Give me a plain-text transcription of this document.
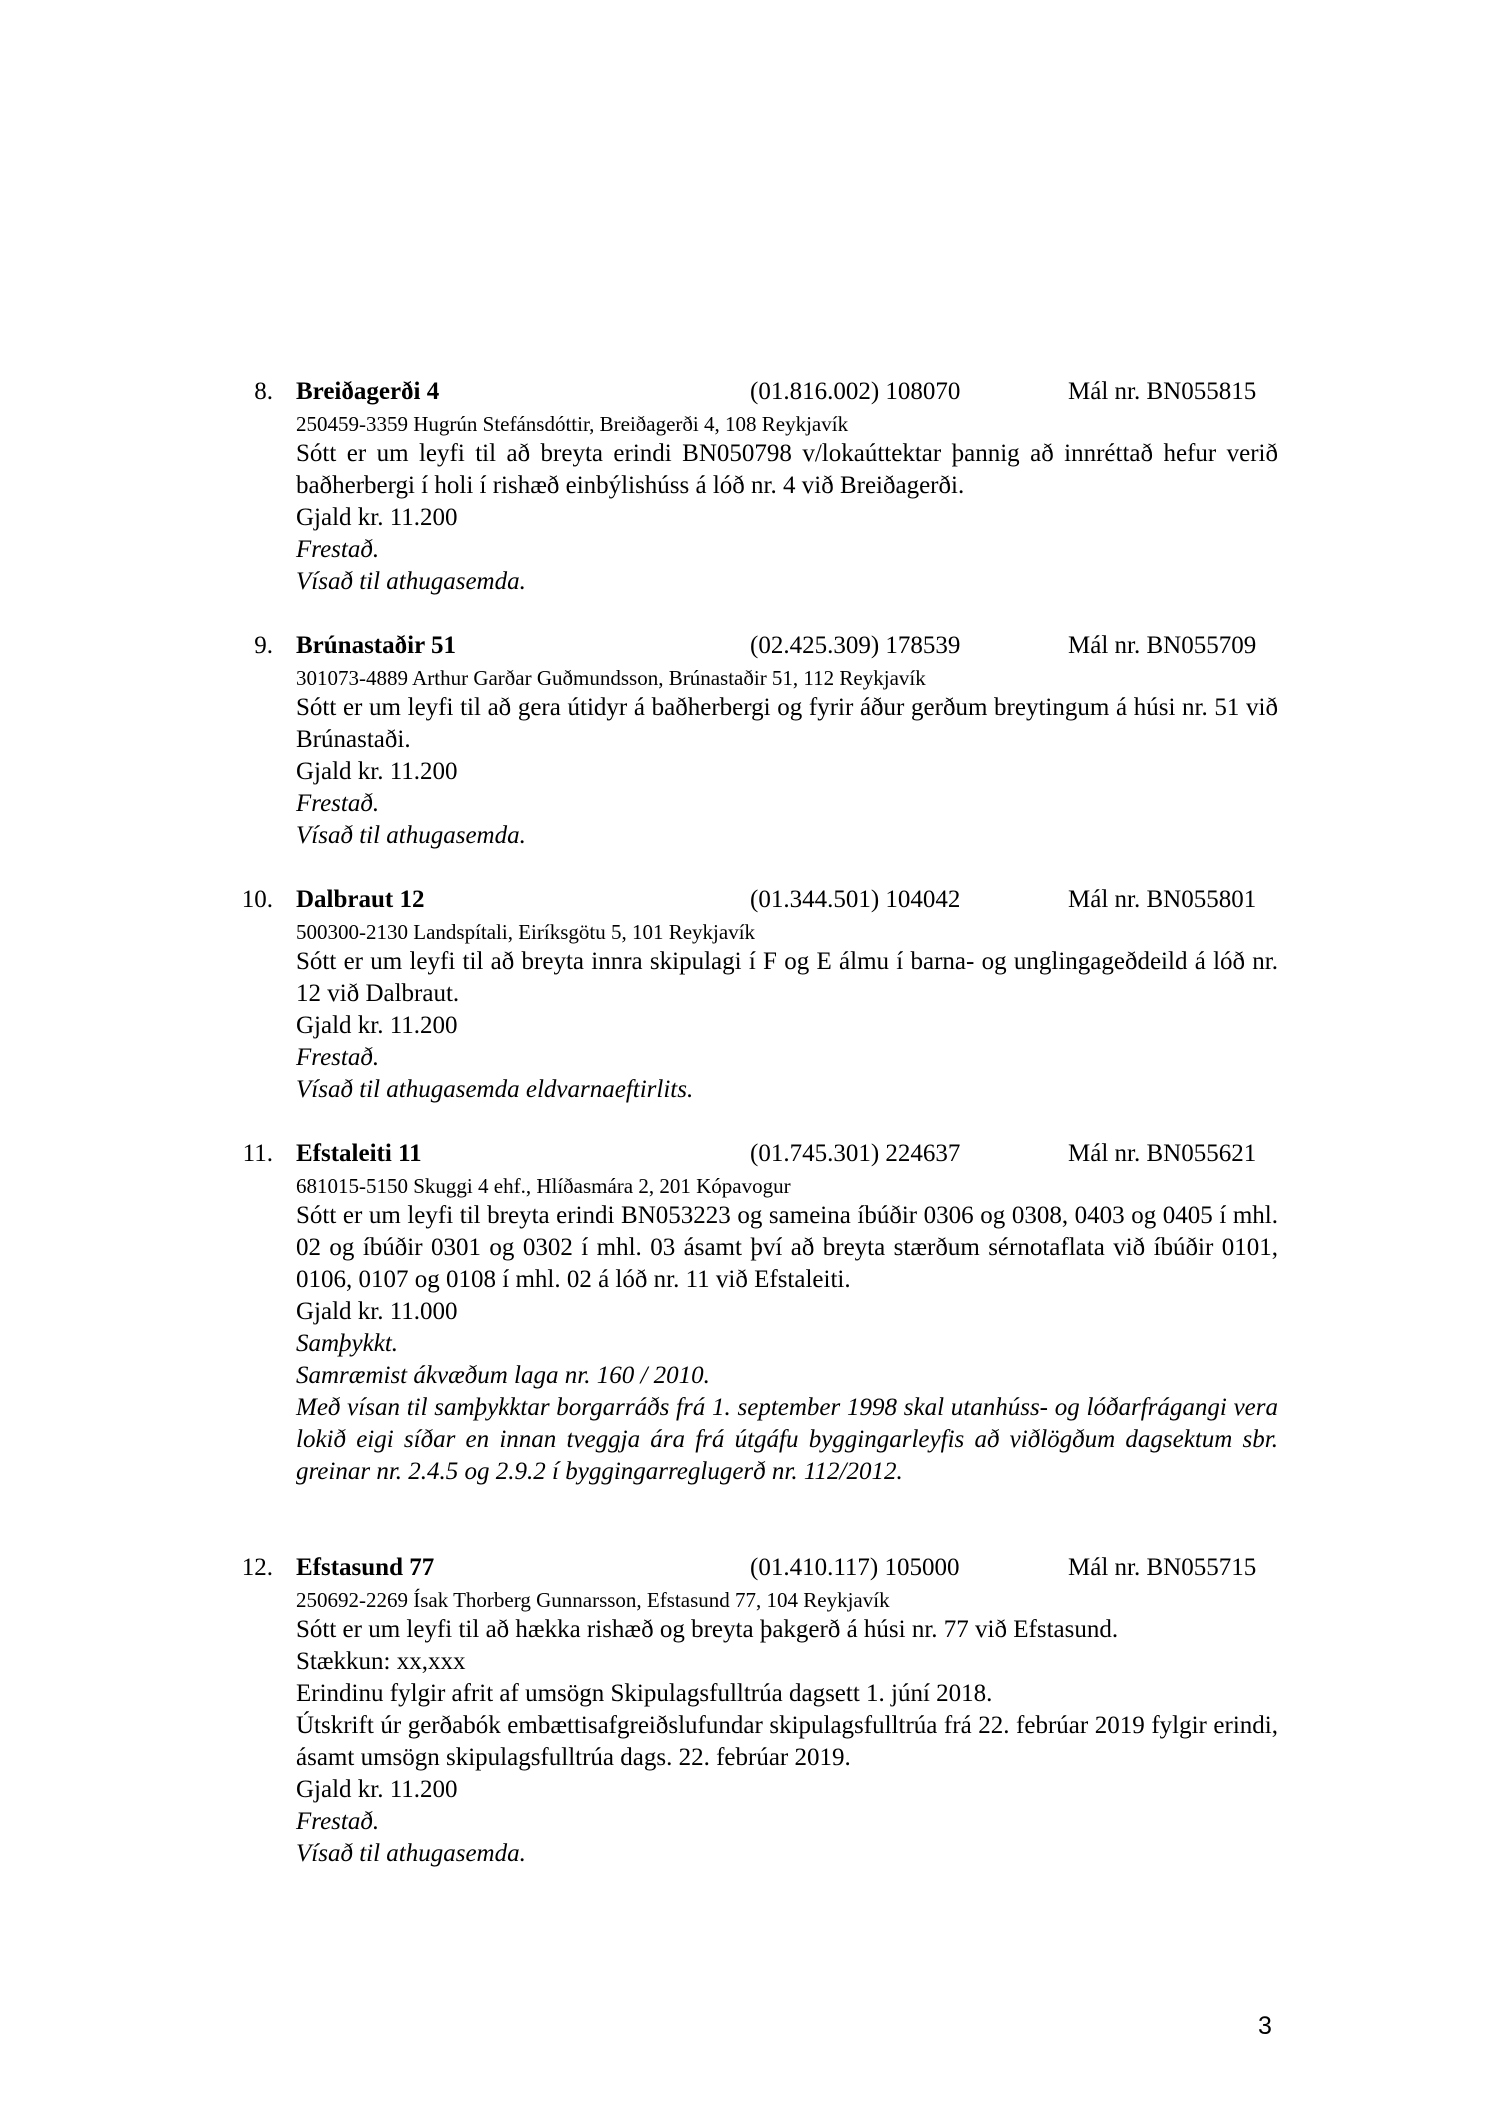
8. Breiðagerði 4	(01.816.002) 108070	Mál nr. BN055815
250459-3359 Hugrún Stefánsdóttir, Breiðagerði 4, 108 Reykjavík
Sótt er um leyfi til að breyta erindi BN050798 v/lokaúttektar þannig að innréttað hefur verið baðherbergi í holi í rishæð einbýlishúss á lóð nr. 4 við Breiðagerði.
Gjald kr. 11.200
Frestað.
Vísað til athugasemda.
9. Brúnastaðir 51	(02.425.309) 178539	Mál nr. BN055709
301073-4889 Arthur Garðar Guðmundsson, Brúnastaðir 51, 112 Reykjavík
Sótt er um leyfi til að gera útidyr á baðherbergi og fyrir áður gerðum breytingum á húsi nr. 51 við Brúnastaði.
Gjald kr. 11.200
Frestað.
Vísað til athugasemda.
10. Dalbraut 12	(01.344.501) 104042	Mál nr. BN055801
500300-2130 Landspítali, Eiríksgötu 5, 101 Reykjavík
Sótt er um leyfi til að breyta innra skipulagi í F og E álmu í barna- og unglingageðdeild á lóð nr. 12 við Dalbraut.
Gjald kr. 11.200
Frestað.
Vísað til athugasemda eldvarnaeftirlits.
11. Efstaleiti 11	(01.745.301) 224637	Mál nr. BN055621
681015-5150 Skuggi 4 ehf., Hlíðasmára 2, 201 Kópavogur
Sótt er um leyfi til breyta erindi BN053223 og sameina íbúðir 0306 og 0308, 0403 og 0405 í mhl. 02 og íbúðir 0301 og 0302 í mhl. 03 ásamt því að breyta stærðum sérnotaflata við íbúðir 0101, 0106, 0107 og 0108 í mhl. 02 á lóð nr. 11 við Efstaleiti.
Gjald kr. 11.000
Samþykkt.
Samræmist ákvæðum laga nr. 160 / 2010.
Með vísan til samþykktar borgarráðs frá 1. september 1998 skal utanhúss- og lóðarfrágangi vera lokið eigi síðar en innan tveggja ára frá útgáfu byggingarleyfis að viðlögðum dagsektum sbr. greinar nr. 2.4.5 og 2.9.2 í byggingarreglugerð nr. 112/2012.
12. Efstasund 77	(01.410.117) 105000	Mál nr. BN055715
250692-2269 Ísak Thorberg Gunnarsson, Efstasund 77, 104 Reykjavík
Sótt er um leyfi til að hækka rishæð og breyta þakgerð á húsi nr. 77 við Efstasund.
Stækkun: xx,xxx
Erindinu fylgir afrit af umsögn Skipulagsfulltrúa dagsett 1. júní 2018.
Útskrift úr gerðabók embættisafgreiðslufundar skipulagsfulltrúa frá 22. febrúar 2019 fylgir erindi, ásamt umsögn skipulagsfulltrúa dags. 22. febrúar 2019.
Gjald kr. 11.200
Frestað.
Vísað til athugasemda.
3
